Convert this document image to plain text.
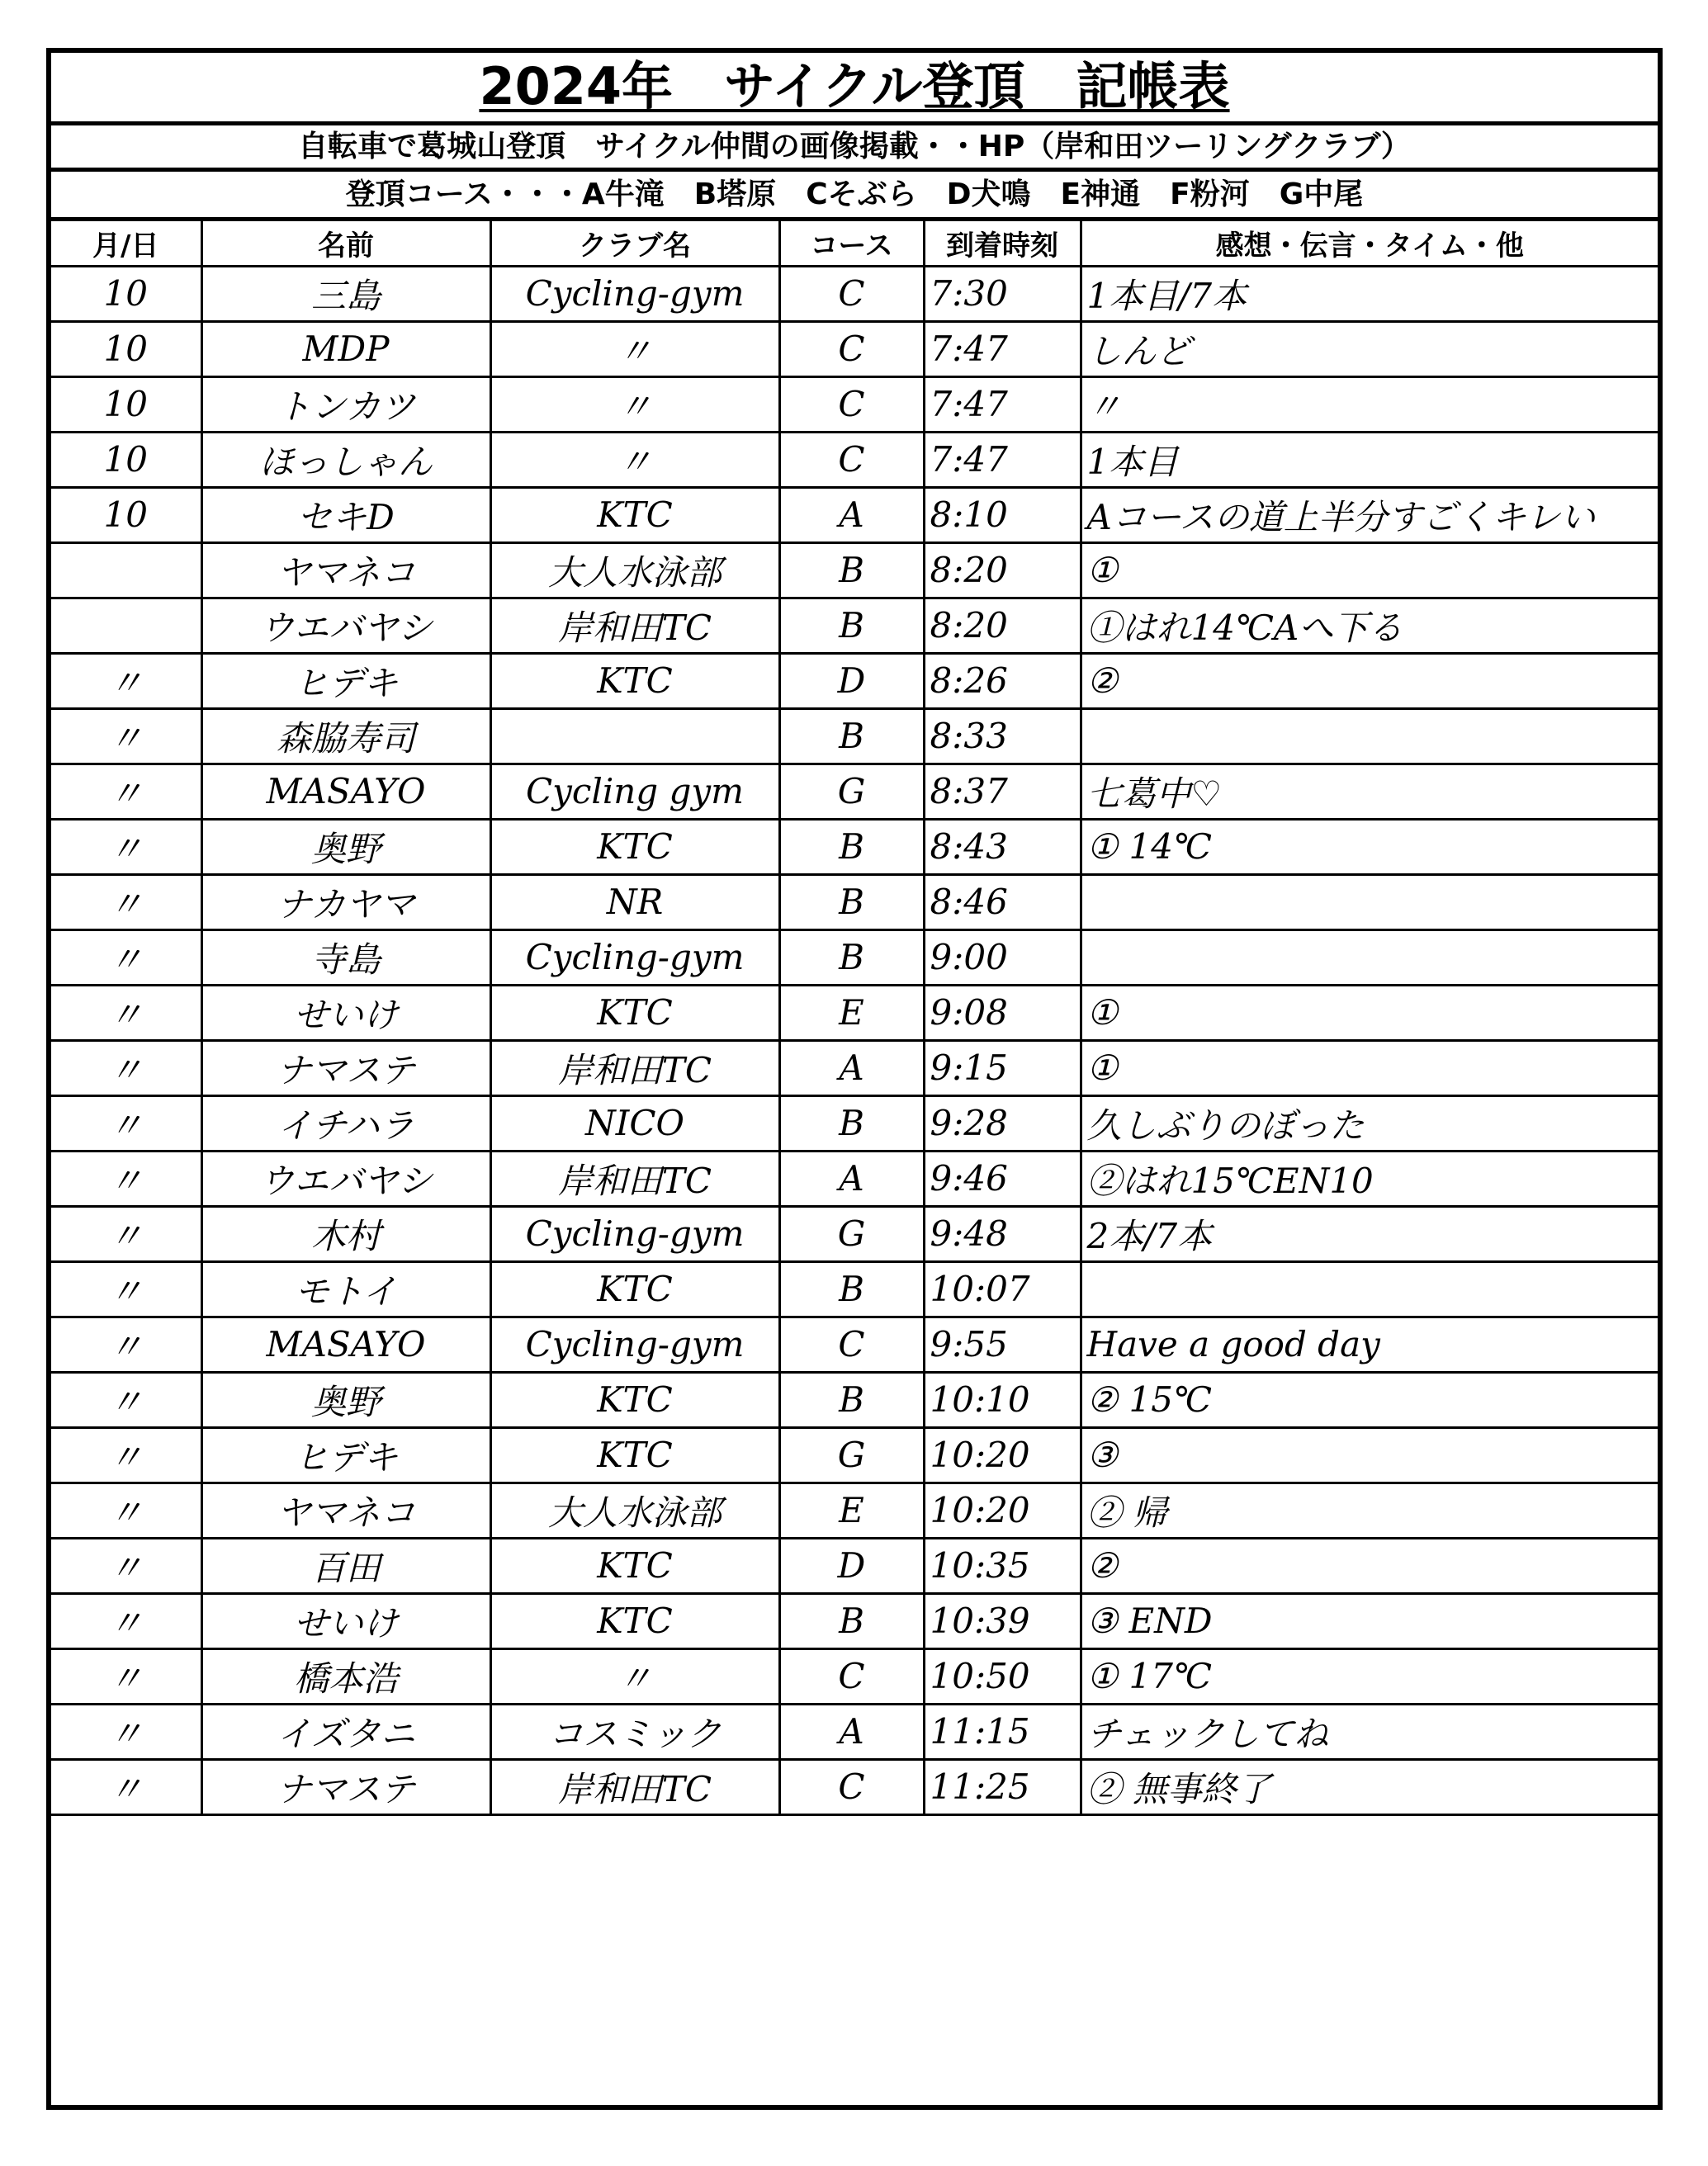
2024年　サイクル登頂　記帳表
自転車で葛城山登頂　サイクル仲間の画像掲載・・HP（岸和田ツーリングクラブ）
登頂コース・・・A牛滝　B塔原　Cそぶら　D犬鳴　E神通　F粉河　G中尾
月/日	名前	クラブ名	コース	到着時刻	感想・伝言・タイム・他
10	三島	Cycling-gym	C	7:30	1本目/7本
10	MDP	〃	C	7:47	しんど
10	トンカツ	〃	C	7:47	〃
10	ほっしゃん	〃	C	7:47	1本目
10	セキD	KTC	A	8:10	Aコースの道上半分すごくキレい
	ヤマネコ	大人水泳部	B	8:20	①
	ウエバヤシ	岸和田TC	B	8:20	①はれ14℃Aへ下る
〃	ヒデキ	KTC	D	8:26	②
〃	森脇寿司		B	8:33	
〃	MASAYO	Cycling gym	G	8:37	七葛中♡
〃	奥野	KTC	B	8:43	① 14℃
〃	ナカヤマ	NR	B	8:46	
〃	寺島	Cycling-gym	B	9:00	
〃	せいけ	KTC	E	9:08	①
〃	ナマステ	岸和田TC	A	9:15	①
〃	イチハラ	NICO	B	9:28	久しぶりのぼった
〃	ウエバヤシ	岸和田TC	A	9:46	②はれ15℃EN10
〃	木村	Cycling-gym	G	9:48	2本/7本
〃	モトイ	KTC	B	10:07	
〃	MASAYO	Cycling-gym	C	9:55	Have a good day
〃	奥野	KTC	B	10:10	② 15℃
〃	ヒデキ	KTC	G	10:20	③
〃	ヤマネコ	大人水泳部	E	10:20	② 帰
〃	百田	KTC	D	10:35	②
〃	せいけ	KTC	B	10:39	③ END
〃	橋本浩	〃	C	10:50	① 17℃
〃	イズタニ	コスミック	A	11:15	チェックしてね
〃	ナマステ	岸和田TC	C	11:25	② 無事終了
